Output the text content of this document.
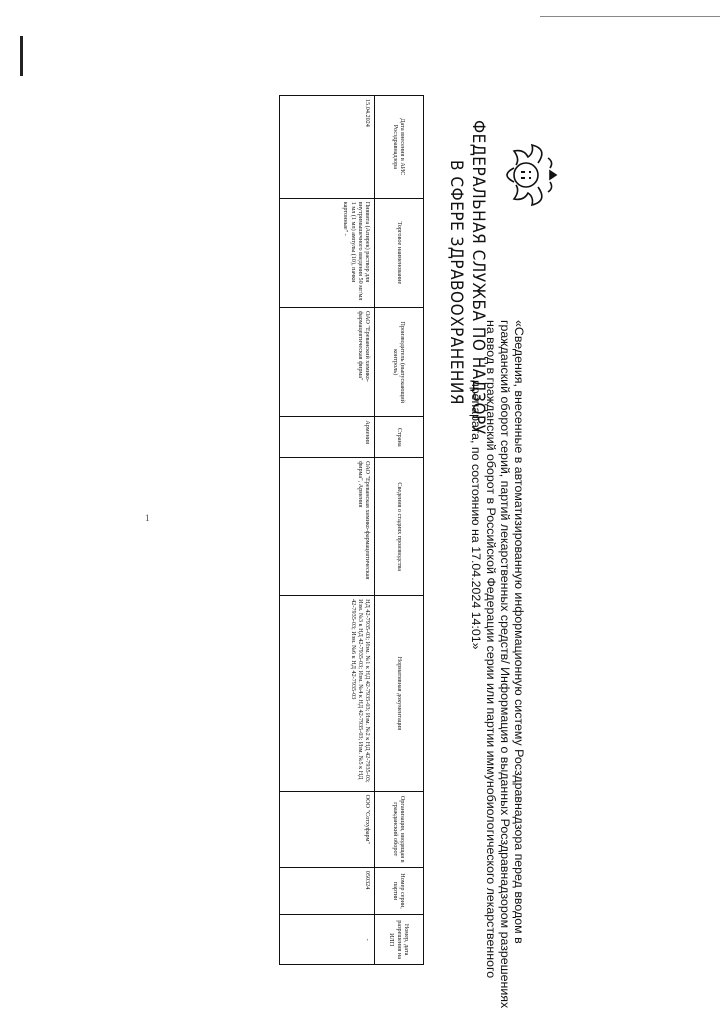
1
ФЕДЕРАЛЬНАЯ СЛУЖБА ПО НАДЗОРУ
В СФЕРЕ ЗДРАВООХРАНЕНИЯ
«Сведения, внесенные в автоматизированную информационную систему Росздравнадзора перед вводом в
гражданский оборот серий, партий лекарственных средств/ Информация о выданных Росздравнадзором разрешениях
на ввод в гражданский оборот в Российской Федерации серии или партии иммунобиологического лекарственного
препарата, по состоянию на 17.04.2024 14:01»
Дата внесения в АИС Росздравнадзора	Торговое наименование	Производитель (выпускающий контроль)	Страна	Сведения о стадиях производства	Нормативная документация	Организация, вводящая в гражданский оборот	Номер серии, партии	Номер, дата разрешения на ИЛП
15.04.2024	Пиявита (Апирек) раствор для внутримышечного введения 50 мг/мл 1 мл (1 мл) ампулы (10), пачки картонные" -	ОАО "Ереванский химико-фармацевтическая фирма"	Армения	ОАО "Ереванская химико-фармацевтическая фирма", Армения	НД 42-7935-03; Изм. №1 к НД 42-7935-03; Изм. №2 к НД 42-7935-03; Изм. №3 к НД 42-7935-03; Изм. №4 к НД 42-7935-03; Изм. №5 к НД 42-7935-03; Изм. №6 к НД 42-7935-03	ООО "Сотхуфарм"	050324	-
